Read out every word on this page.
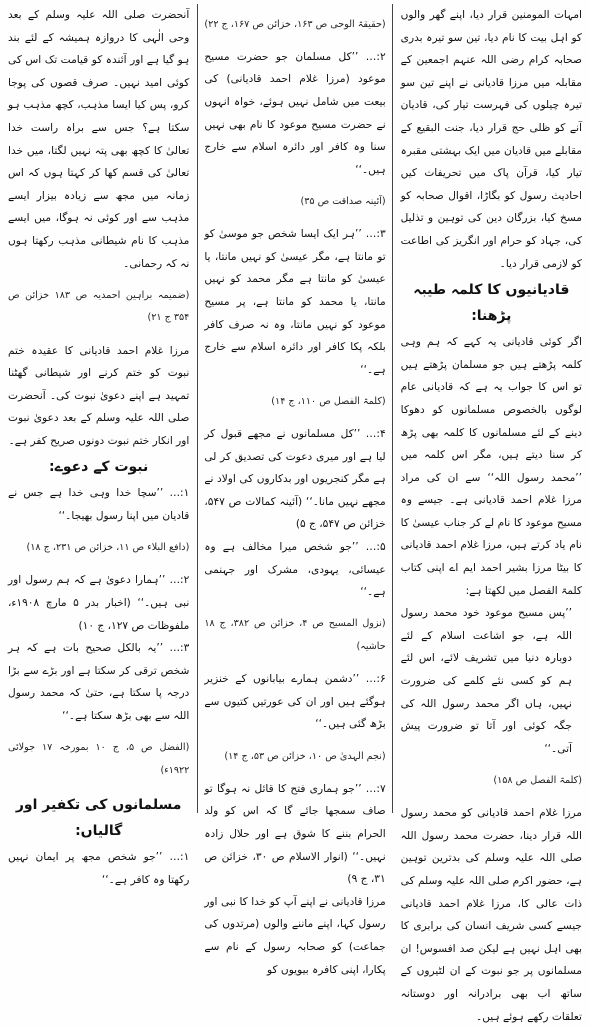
آنحضرت صلی اللہ علیہ وسلم کے بعد وحی الٰہی کا دروازہ ہمیشہ کے لئے بند ہو گیا ہے اور آئندہ کو قیامت تک اس کی کوئی امید نہیں۔ صرف قصوں کی پوجا کرو، پس کیا ایسا مذہب، کچھ مذہب ہو سکتا ہے؟ جس سے براہ راست خدا تعالیٰ کا کچھ بھی پتہ نہیں لگتا، میں خدا تعالیٰ کی قسم کھا کر کہتا ہوں کہ اس زمانہ میں مجھ سے زیادہ بیزار ایسے مذہب سے اور کوئی نہ ہوگا، میں ایسے مذہب کا نام شیطانی مذہب رکھتا ہوں نہ کہ رحمانی۔

(ضمیمہ براہین احمدیہ ص ۱۸۳ خزائن ص ۳۵۴ ج ۲۱)

مرزا غلام احمد قادیانی کا عقیدہ ختم نبوت کو ختم کرنے اور شیطانی گھٹنا تمہید ہے اپنے دعویٰ نبوت کی۔ آنحضرت صلی اللہ علیہ وسلم کے بعد دعویٰ نبوت اور انکار ختم نبوت دونوں صریح کفر ہے۔

نبوت کے دعوے:

۱:… ’’سچا خدا وہی خدا ہے جس نے قادیان میں اپنا رسول بھیجا۔‘‘

(دافع البلاء ص ۱۱، خزائن ص ۲۳۱، ج ۱۸)

۲:… ’’ہمارا دعویٰ ہے کہ ہم رسول اور نبی ہیں۔‘‘ (اخبار بدر ۵ مارچ ۱۹۰۸ء، ملفوظات ص ۱۲۷، ج ۱۰)

۳:… ’’یہ بالکل صحیح بات ہے کہ ہر شخص ترقی کر سکتا ہے اور بڑے سے بڑا درجہ پا سکتا ہے، حتیٰ کہ محمد رسول اللہ سے بھی بڑھ سکتا ہے۔‘‘

(الفضل ص ۵، ج ۱۰ بمورخہ ۱۷ جولائی ۱۹۲۲ء)

مسلمانوں کی تکفیر اور گالیاں:

۱:… ’’جو شخص مجھ پر ایمان نہیں رکھتا وہ کافر ہے۔‘‘

(حقیقۃ الوحی ص ۱۶۳، خزائن ص ۱۶۷، ج ۲۲)

۲:… ’’کل مسلمان جو حضرت مسیح موعود (مرزا غلام احمد قادیانی) کی بیعت میں شامل نہیں ہوئے، خواہ انہوں نے حضرت مسیح موعود کا نام بھی نہیں سنا وہ کافر اور دائرہ اسلام سے خارج ہیں۔‘‘

(آئینہ صداقت ص ۳۵)

۳:… ’’ہر ایک ایسا شخص جو موسیٰ کو تو مانتا ہے، مگر عیسیٰ کو نہیں مانتا، یا عیسیٰ کو مانتا ہے مگر محمد کو نہیں مانتا، یا محمد کو مانتا ہے، پر مسیح موعود کو نہیں مانتا، وہ نہ صرف کافر بلکہ پکا کافر اور دائرہ اسلام سے خارج ہے۔‘‘

(کلمۃ الفصل ص ۱۱۰، ج ۱۴)

۴:… ’’کل مسلمانوں نے مجھے قبول کر لیا ہے اور میری دعوت کی تصدیق کر لی ہے مگر کنجریوں اور بدکاروں کی اولاد نے مجھے نہیں مانا۔‘‘ (آئینہ کمالات ص ۵۴۷، خزائن ص ۵۴۷، ج ۵)

۵:… ’’جو شخص میرا مخالف ہے وہ عیسائی، یہودی، مشرک اور جہنمی ہے۔‘‘

(نزول المسیح ص ۴، خزائن ص ۳۸۲، ج ۱۸ حاشیہ)

۶:… ’’دشمن ہمارے بیابانوں کے خنزیر ہوگئے ہیں اور ان کی عورتیں کتیوں سے بڑھ گئی ہیں۔‘‘

(نجم الہدیٰ ص ۱۰، خزائن ص ۵۳، ج ۱۴)

۷:… ’’جو ہماری فتح کا قائل نہ ہوگا تو صاف سمجھا جائے گا کہ اس کو ولد الحرام بننے کا شوق ہے اور حلال زادہ نہیں۔‘‘ (انوار الاسلام ص ۳۰، خزائن ص ۳۱، ج ۹)

مرزا قادیانی نے اپنے آپ کو خدا کا نبی اور رسول کہا، اپنے ماننے والوں (مرتدوں کی جماعت) کو صحابہ رسول کے نام سے پکارا، اپنی کافرہ بیویوں کو

امہات المومنین قرار دیا، اپنے گھر والوں کو اہل بیت کا نام دیا، تین سو تیرہ بدری صحابہ کرام رضی اللہ عنہم اجمعین کے مقابلہ میں مرزا قادیانی نے اپنے تین سو تیرہ چیلوں کی فہرست تیار کی، قادیان آنے کو ظلی حج قرار دیا، جنت البقیع کے مقابلے میں قادیان میں ایک بہشتی مقبرہ تیار کیا، قرآن پاک میں تحریفات کیں احادیث رسول کو بگاڑا، اقوال صحابہ کو مسخ کیا، بزرگان دین کی توہین و تذلیل کی، جہاد کو حرام اور انگریز کی اطاعت کو لازمی قرار دیا۔

قادیانیوں کا کلمہ طیبہ پڑھنا:

اگر کوئی قادیانی یہ کہے کہ ہم وہی کلمہ پڑھتے ہیں جو مسلمان پڑھتے ہیں تو اس کا جواب یہ ہے کہ قادیانی عام لوگوں بالخصوص مسلمانوں کو دھوکا دینے کے لئے مسلمانوں کا کلمہ بھی پڑھ کر سنا دیتے ہیں، مگر اس کلمہ میں ’’محمد رسول اللہ‘‘ سے ان کی مراد مرزا غلام احمد قادیانی ہے۔ جیسے وہ مسیح موعود کا نام لے کر جناب عیسیٰ کا نام یاد کرتے ہیں، مرزا غلام احمد قادیانی کا بیٹا مرزا بشیر احمد ایم اے اپنی کتاب کلمۃ الفصل میں لکھتا ہے:

’’پس مسیح موعود خود محمد رسول اللہ ہے، جو اشاعت اسلام کے لئے دوبارہ دنیا میں تشریف لائے، اس لئے ہم کو کسی نئے کلمے کی ضرورت نہیں، ہاں اگر محمد رسول اللہ کی جگہ کوئی اور آتا تو ضرورت پیش آتی۔‘‘

(کلمۃ الفصل ص ۱۵۸)

مرزا غلام احمد قادیانی کو محمد رسول اللہ قرار دینا، حضرت محمد رسول اللہ صلی اللہ علیہ وسلم کی بدترین توہین ہے، حضور اکرم صلی اللہ علیہ وسلم کی ذات عالی کا، مرزا غلام احمد قادیانی جیسے کسی شریف انسان کی برابری کا بھی اہل نہیں ہے لیکن صد افسوس! ان مسلمانوں پر جو نبوت کے ان لٹیروں کے ساتھ اب بھی برادرانہ اور دوستانہ تعلقات رکھے ہوئے ہیں۔
